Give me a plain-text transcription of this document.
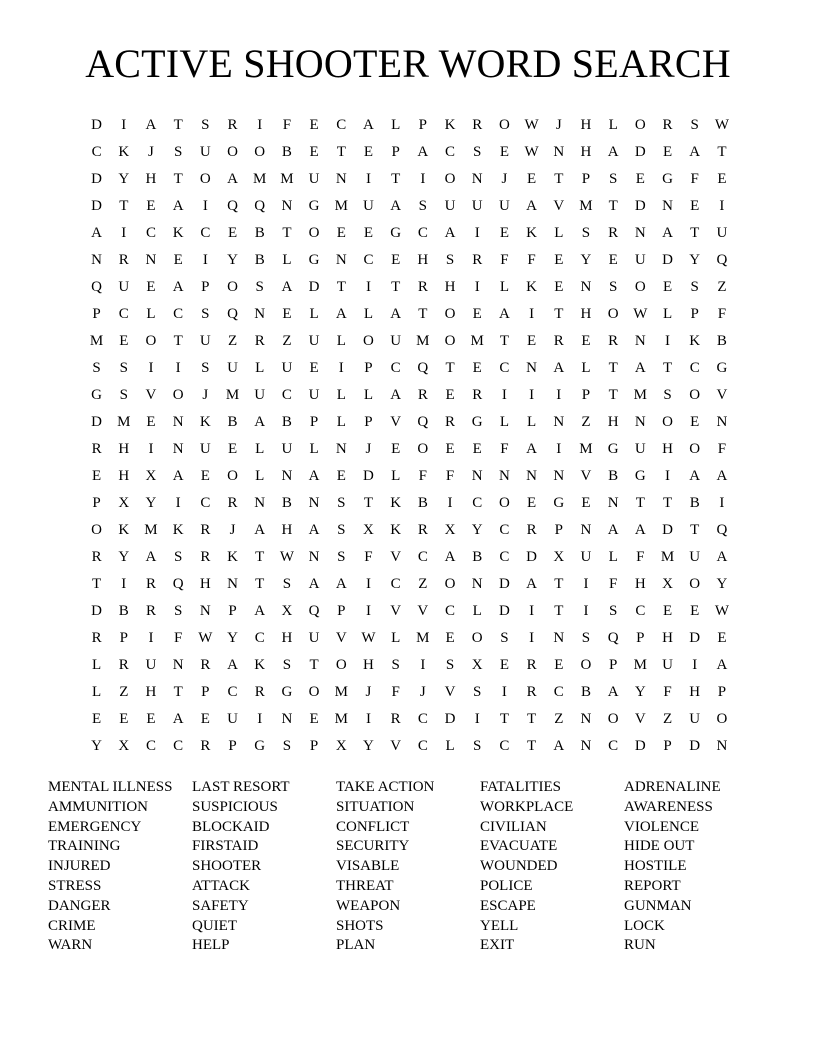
ACTIVE SHOOTER WORD SEARCH
D	I	A	T	S	R	I	F	E	C	A	L	P	K	R	O W	J	H	L	O	R	S	W
C	K	J	S	U	O	O	B	E	T	E	P	A	C	S	E	W N	H	A	D	E	A	T
D	Y	H	T	O	A	M M	U	N	I	T	I	O	N	J	E	T	P	S	E	G	F	E
D	T	E	A	I	Q	Q	N	G	M	U	A	S	U	U	U	A	V	M	T	D	N	E	I
A	I	C	K	C	E	B	T	O	E	E	G	C	A	I	E	K	L	S	R	N	A	T	U
N	R	N	E	I	Y	B	L	G	N	C	E	H	S	R	F	F	E	Y	E	U	D	Y	Q
Q	U	E	A	P	O	S	A	D	T	I	T	R	H	I	L	K	E	N	S	O	E	S	Z
P	C	L	C	S	Q	N	E	L	A	L	A	T	O	E	A	I	T	H	O W	L	P	F
M	E	O	T	U	Z	R	Z	U	L	O	U	M	O	M	T	E	R	E	R	N	I	K	B
S	S	I	I	S	U	L	U	E	I	P	C	Q	T	E	C	N	A	L	T	A	T	C	G
G	S	V	O	J	M	U	C	U	L	L	A	R	E	R	I	I	I	P	T	M	S	O	V
D	M	E	N	K	B	A	B	P	L	P	V	Q	R	G	L	L	N	Z	H	N	O	E	N
R	H	I	N	U	E	L	U	L	N	J	E	O	E	E	F	A	I	M	G	U	H	O	F
E	H	X	A	E	O	L	N	A	E	D	L	F	F	N	N	N	N	V	B	G	I	A	A
P	X	Y	I	C	R	N	B	N	S	T	K	B	I	C	O	E	G	E	N	T	T	B	I
O	K	M	K	R	J	A	H	A	S	X	K	R	X	Y	C	R	P	N	A	A	D	T	Q
R	Y	A	S	R	K	T	W N	S	F	V	C	A	B	C	D	X	U	L	F	M	U	A
T	I	R	Q	H	N	T	S	A	A	I	C	Z	O	N	D	A	T	I	F	H	X	O	Y
D	B	R	S	N	P	A	X	Q	P	I	V	V	C	L	D	I	T	I	S	C	E	E	W
R	P	I	F	W Y	C	H	U	V W	L	M	E	O	S	I	N	S	Q	P	H	D	E
L	R	U	N	R	A	K	S	T	O	H	S	I	S	X	E	R	E	O	P	M	U	I	A
L	Z	H	T	P	C	R	G	O	M	J	F	J	V	S	I	R	C	B	A	Y	F	H	P
E	E	E	A	E	U	I	N	E	M	I	R	C	D	I	T	T	Z	N	O	V	Z	U	O
Y	X	C	C	R	P	G	S	P	X	Y	V	C	L	S	C	T	A	N	C	D	P	D	N
MENTAL ILLNESS
AMMUNITION
EMERGENCY
TRAINING
INJURED
STRESS
DANGER
CRIME
WARN
LAST RESORT
SUSPICIOUS
BLOCKAID
FIRSTAID
SHOOTER
ATTACK
SAFETY
QUIET
HELP
TAKE ACTION
SITUATION
CONFLICT
SECURITY
VISABLE
THREAT
WEAPON
SHOTS
PLAN
FATALITIES
WORKPLACE
CIVILIAN
EVACUATE
WOUNDED
POLICE
ESCAPE
YELL
EXIT
ADRENALINE
AWARENESS
VIOLENCE
HIDE OUT
HOSTILE
REPORT
GUNMAN
LOCK
RUN
